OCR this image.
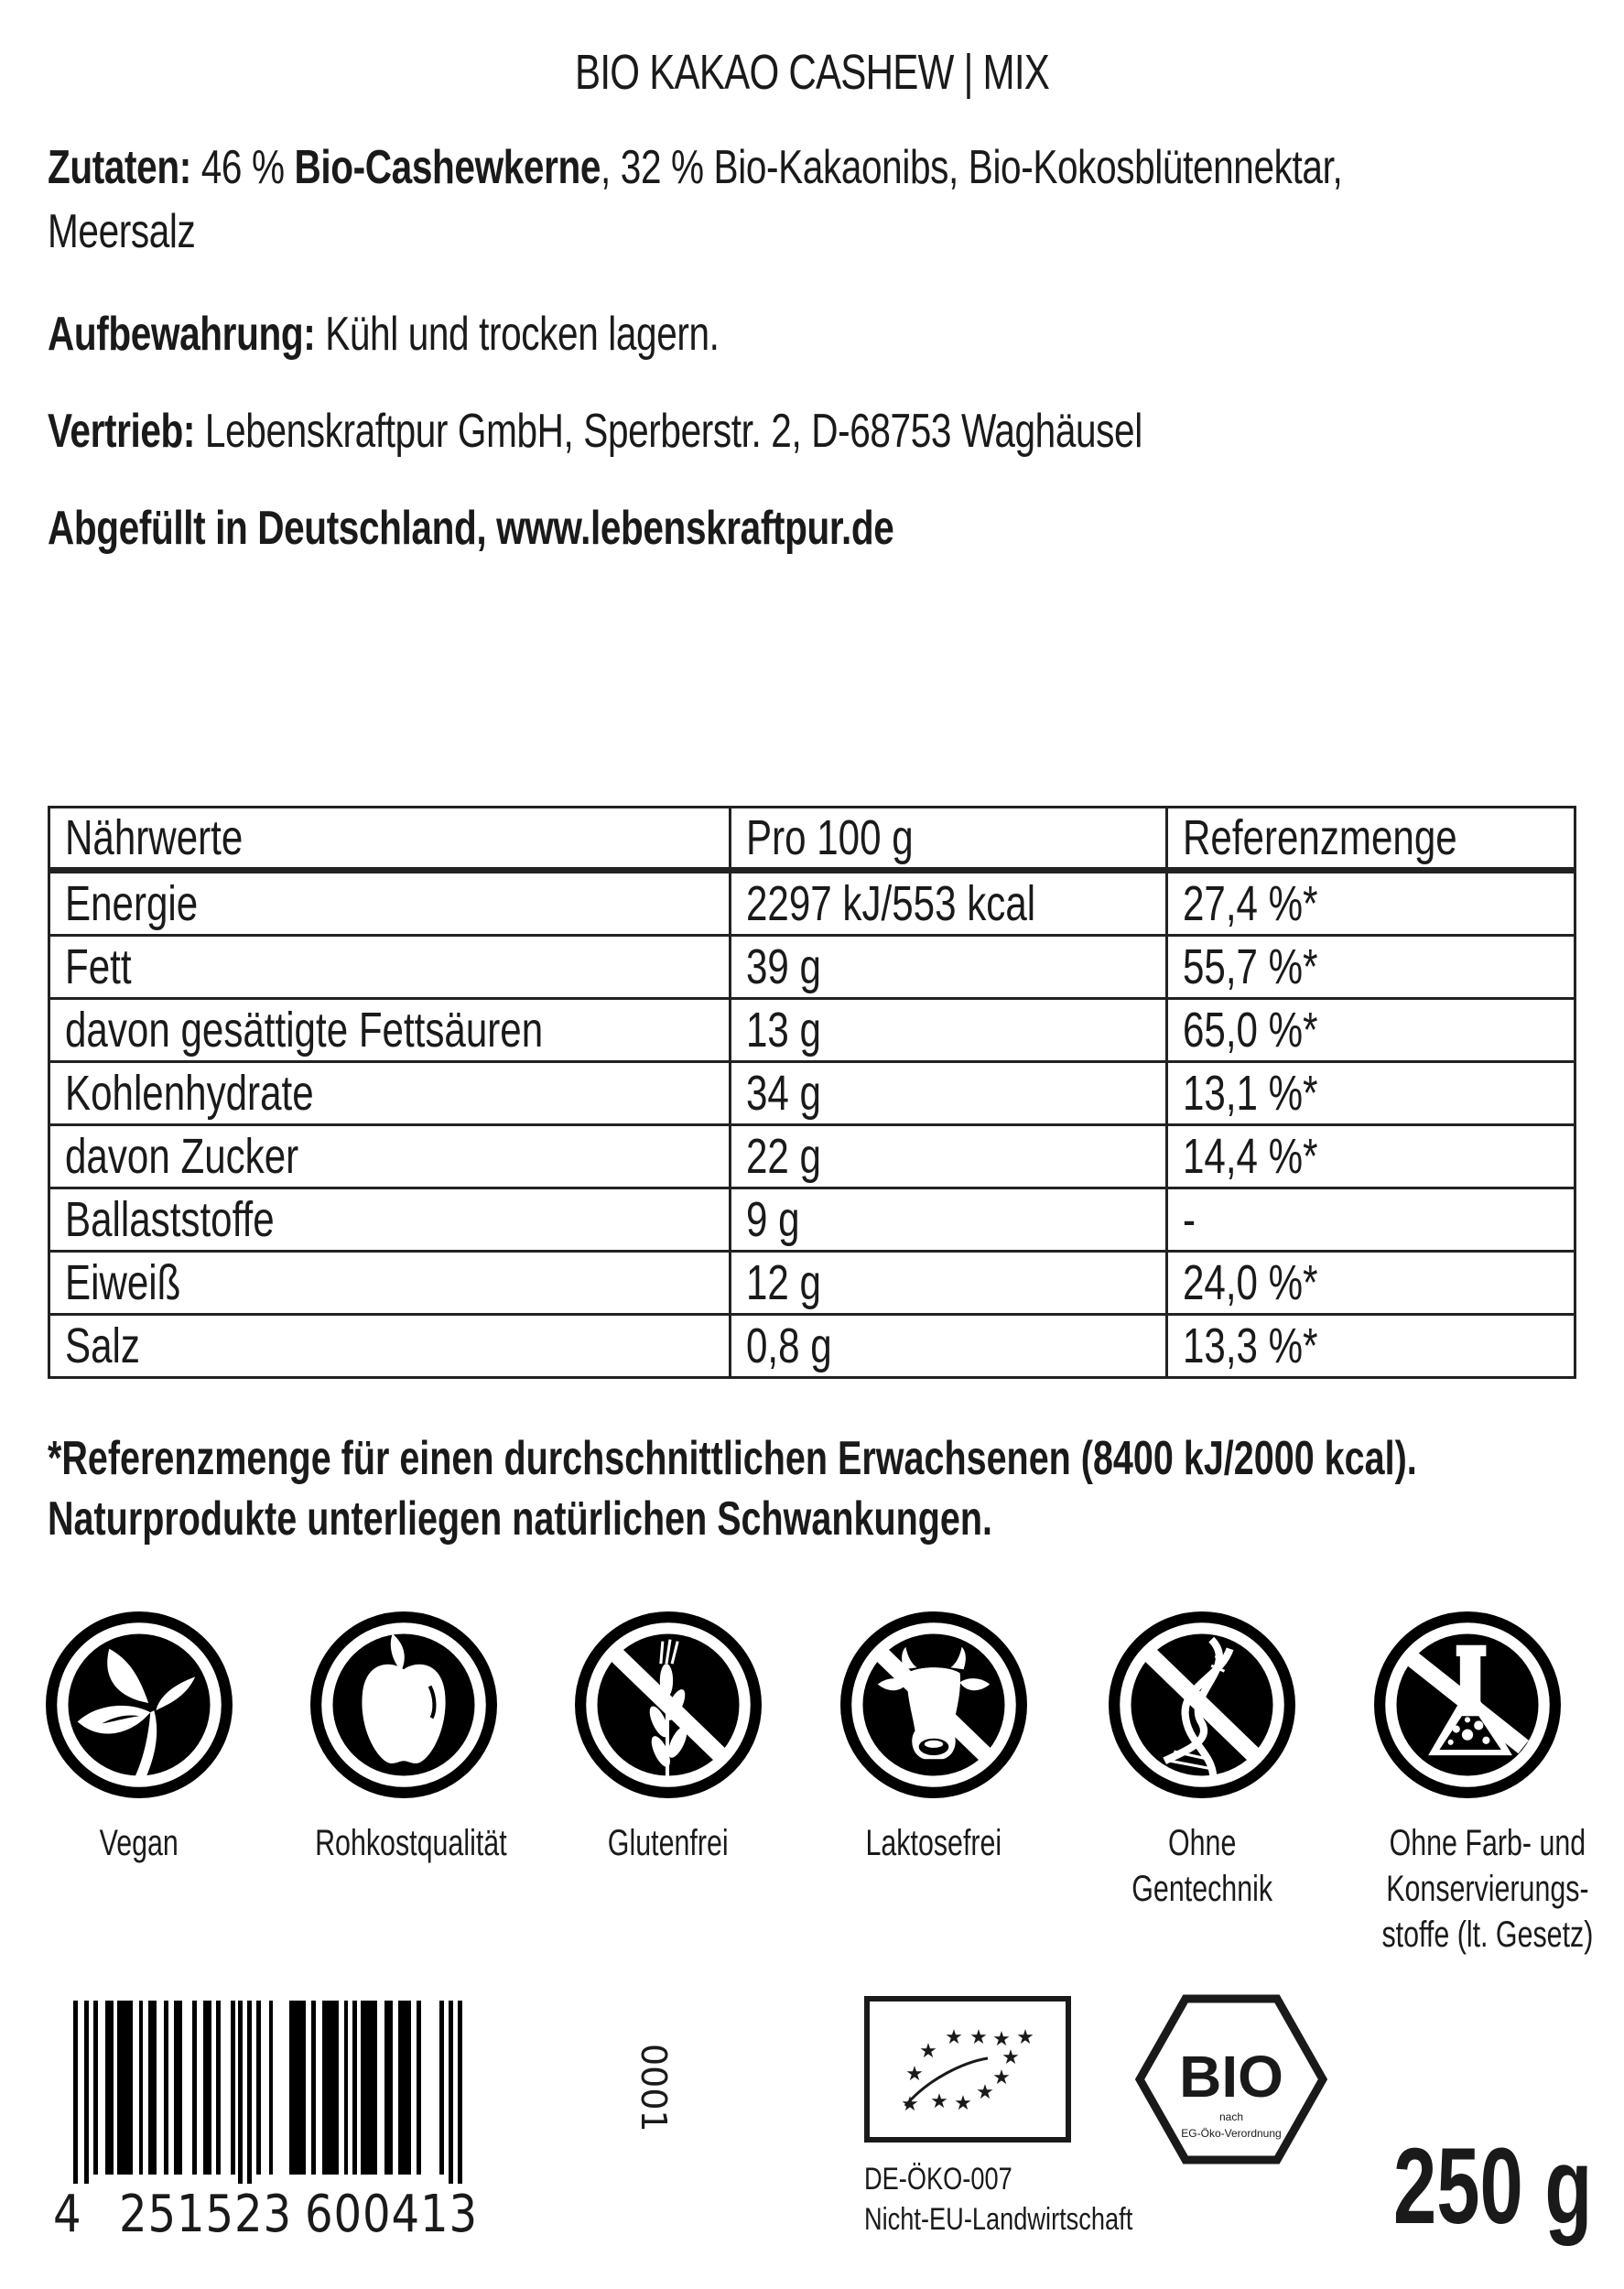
BIO KAKAO CASHEW | MIX
Zutaten: 46 % Bio-Cashewkerne, 32 % Bio-Kakaonibs, Bio-Kokosblütennektar,
Meersalz
Aufbewahrung: Kühl und trocken lagern.
Vertrieb: Lebenskraftpur GmbH, Sperberstr. 2, D-68753 Waghäusel
Abgefüllt in Deutschland, www.lebenskraftpur.de
Nährwerte	Pro 100 g	Referenzmenge
Energie	2297 kJ/553 kcal	27,4 %*
Fett	39 g	55,7 %*
davon gesättigte Fettsäuren	13 g	65,0 %*
Kohlenhydrate	34 g	13,1 %*
davon Zucker	22 g	14,4 %*
Ballaststoffe	9 g	-
Eiweiß	12 g	24,0 %*
Salz	0,8 g	13,3 %*
*Referenzmenge für einen durchschnittlichen Erwachsenen (8400 kJ/2000 kcal).
Naturprodukte unterliegen natürlichen Schwankungen.
Vegan	Rohkostqualität	Glutenfrei	Laktosefrei	Ohne
Gentechnik
Ohne Farb- und
Konservierungs-
stoffe (lt. Gesetz)
4 251523 600413
0001	★ ★ ★ ★
★
★
★
★
★
★
★
★
DE-ÖKO-007
Nicht-EU-Landwirtschaft
BIO
nach
EG-Öko-Verordnung 250 g
